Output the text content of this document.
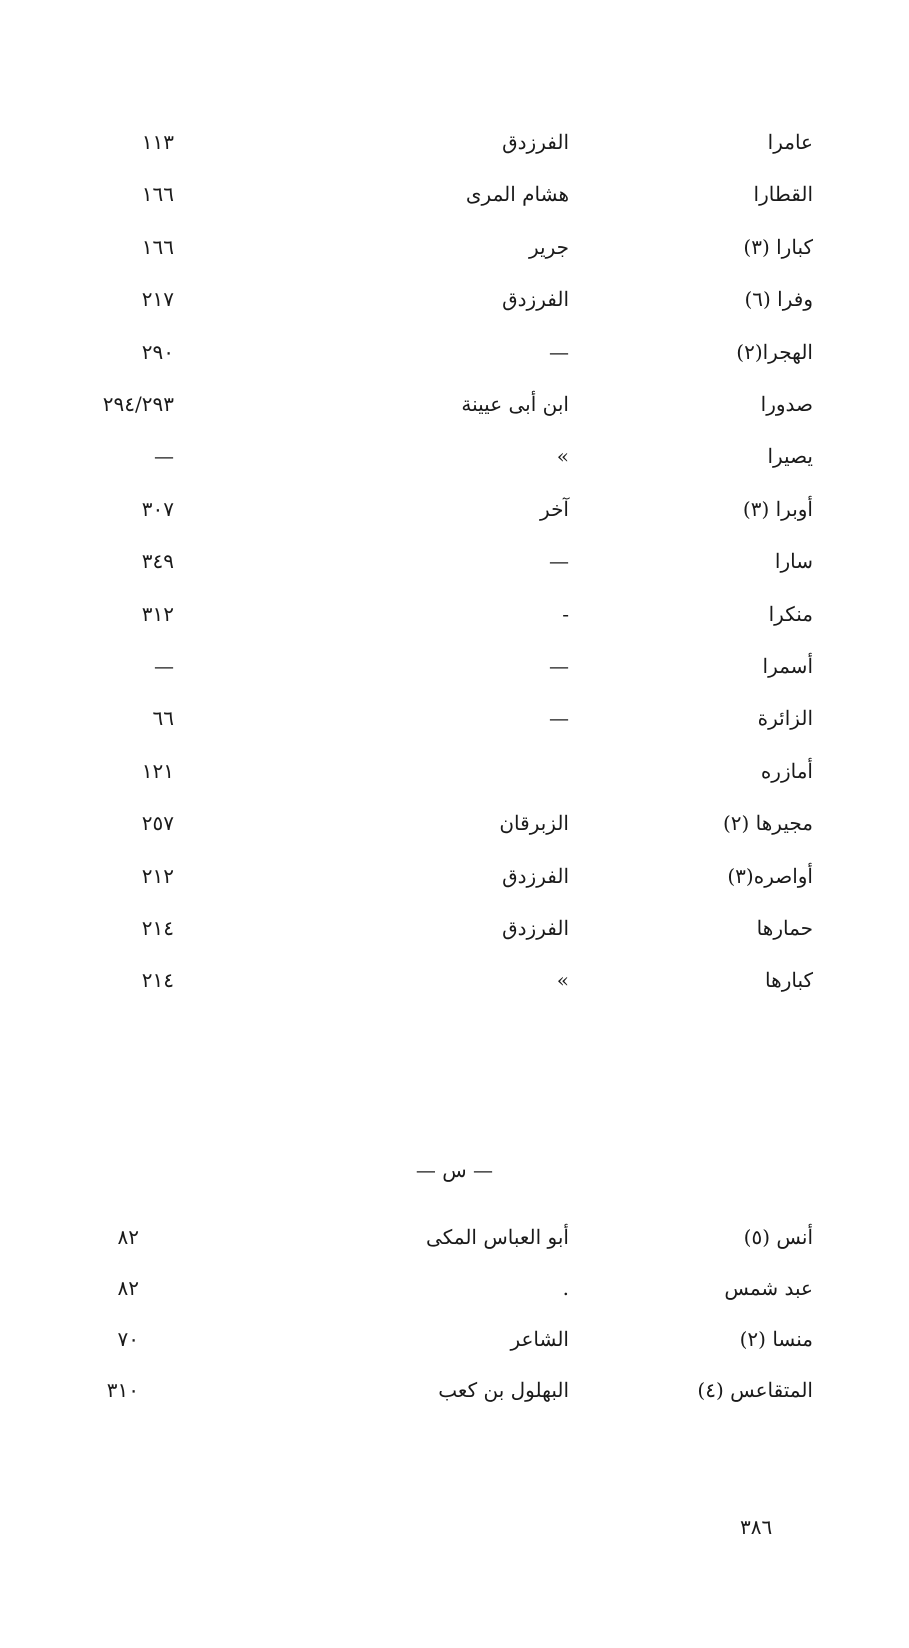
عامرا
الفرزدق
١١٣
القطارا
هشام المرى
١٦٦
كبارا (٣)
جرير
١٦٦
وفرا (٦)
الفرزدق
٢١٧
الهجرا(٢)
—
٢٩٠
صدورا
ابن أبى عيينة
٢٩٤/٢٩٣
يصيرا
»
—
أوبرا (٣)
آخر
٣٠٧
سارا
—
٣٤٩
منكرا
-
٣١٢
أسمرا
—
—
الزائرة
—
٦٦
أمازره
١٢١
مجيرها (٢)
الزبرقان
٢٥٧
أواصره(٣)
الفرزدق
٢١٢
حمارها
الفرزدق
٢١٤
كبارها
»
٢١٤
— س —
أنس (٥)
أبو العباس المكى
٨٢
عبد شمس
.
٨٢
منسا (٢)
الشاعر
٧٠
المتقاعس (٤)
البهلول بن كعب
٣١٠
٣٨٦
